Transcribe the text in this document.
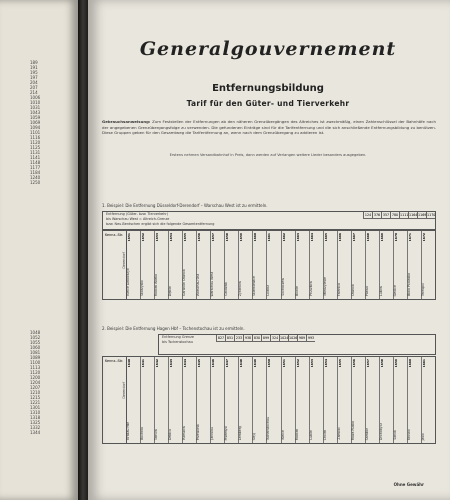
189
191
195
197
204
207
214
1006
1010
1031
1043
1059
1069
1094
1101
1116
1120
1125
1131
1141
1148
1177
1184
1240
1250
1048
1052
1055
1060
1081
1089
1100
1113
1120
1200
1204
1207
1210
1215
1221
1301
1310
1318
1325
1332
1344
Generalgouvernement
Entfernungsbildung
Tarif für den Güter- und Tierverkehr
Gebrauchsanweisung: Zum Feststellen der Entfernungen ab den näheren Grenzübergängen des Altreiches ist zweckmäßig, einen Zahlenschlüssel der Bahnhöfe nach der angegebenen Grenzübergangsfolge zu verwenden. Die gefundenen Einträge sind für die Tarifentfernung und die sich anschließende Entfernungsbildung zu benützen. Diese Gruppen geben für den Gesamtweg die Tarifentfernung an, wenn nach dem Grenzübergang zu addieren ist.
Erstens nehmen Versandbahnhof in Preis, dann werden auf Verlangen weitere Lieder besonders ausgegeben.
1. Beispiel: Die Entfernung Düsseldorf-Derendorf – Warschau West ist zu ermitteln.
Entfernung (Güter- bzw. Tierverkehr)
bis Warschau West = Altreich-Grenze
bzw. Neu-Bentschen ergibt sich die folgende Gesamtentfernung
124 376 357 780 1111 1164 1169 1170
Kennz.-Str.	1651
Kielce Dzialoszyn
1652
Skarzysko
1653
Radom Warka
1654
Dęblin
1655
Garwolin Otwock
1656
Warschau Ost
1657
Warschau West
1658
Grodzisk
1659
Zyrardow
1660
Skierniewice
1661
Lowicz
1662
Sochaczew
1663
Blonie
1664
Pruszkow
1665
Miedzylesie
1666
Falenica
1667
Otwock
1668
Pilawa
1669
Lukow
1670
Siedlce
1671
Biala Podlaska
1672
Terespol
Derendorf
2. Beispiel: Die Entfernung Hagen Hbf – Tschenstochau ist zu ermitteln.
Entfernung Grenze
bis Tschenstochau
827 851 233 938 830 899 324 1024 1026 989 993
Kennz.-Str.	1640
Krakau Hbf
1641
Bochnia
1642
Tarnow
1643
Debica
1644
Rzeszow
1645
Przeworsk
1646
Jaroslau
1647
Przemysl
1648
Lemberg
1649
Stryj
1650
Tschenstochau
1651
Kielce
1652
Radom
1653
Lublin
1654
Cholm
1655
Zamosc
1656
Rawa Ruska
1657
Sambor
1658
Drohobycz
1659
Sanok
1660
Krosno
1661
Jaslo
Derendorf
Ohne Gewähr
